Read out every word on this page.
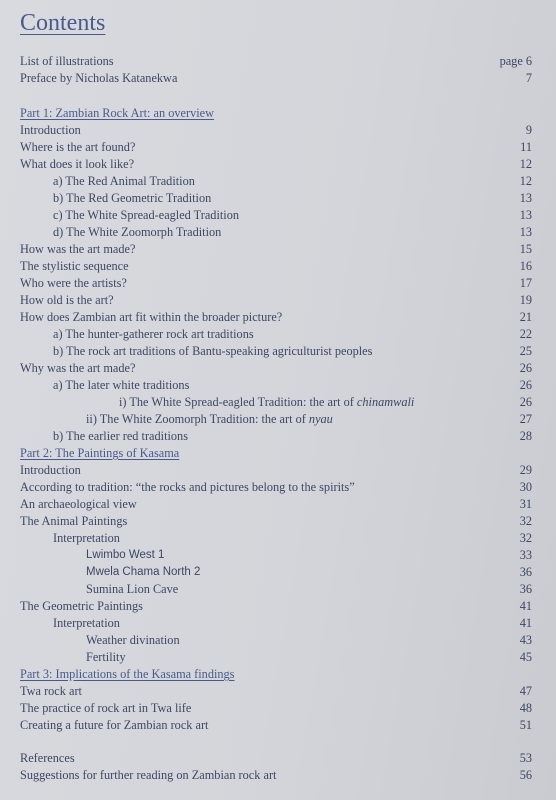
Contents
List of illustrations	page 6
Preface by Nicholas Katanekwa	7
Part 1: Zambian Rock Art: an overview
Introduction	9
Where is the art found?	11
What does it look like?	12
a) The Red Animal Tradition	12
b) The Red Geometric Tradition	13
c) The White Spread-eagled Tradition	13
d) The White Zoomorph Tradition	13
How was the art made?	15
The stylistic sequence	16
Who were the artists?	17
How old is the art?	19
How does Zambian art fit within the broader picture?	21
a) The hunter-gatherer rock art traditions	22
b) The rock art traditions of Bantu-speaking agriculturist peoples	25
Why was the art made?	26
a) The later white traditions	26
i) The White Spread-eagled Tradition: the art of chinamwali	26
ii) The White Zoomorph Tradition: the art of nyau	27
b) The earlier red traditions	28
Part 2: The Paintings of Kasama
Introduction	29
According to tradition: “the rocks and pictures belong to the spirits”	30
An archaeological view	31
The Animal Paintings	32
Interpretation	32
Lwimbo West 1	33
Mwela Chama North 2	36
Sumina Lion Cave	36
The Geometric Paintings	41
Interpretation	41
Weather divination	43
Fertility	45
Part 3: Implications of the Kasama findings
Twa rock art	47
The practice of rock art in Twa life	48
Creating a future for Zambian rock art	51
References	53
Suggestions for further reading on Zambian rock art	56
